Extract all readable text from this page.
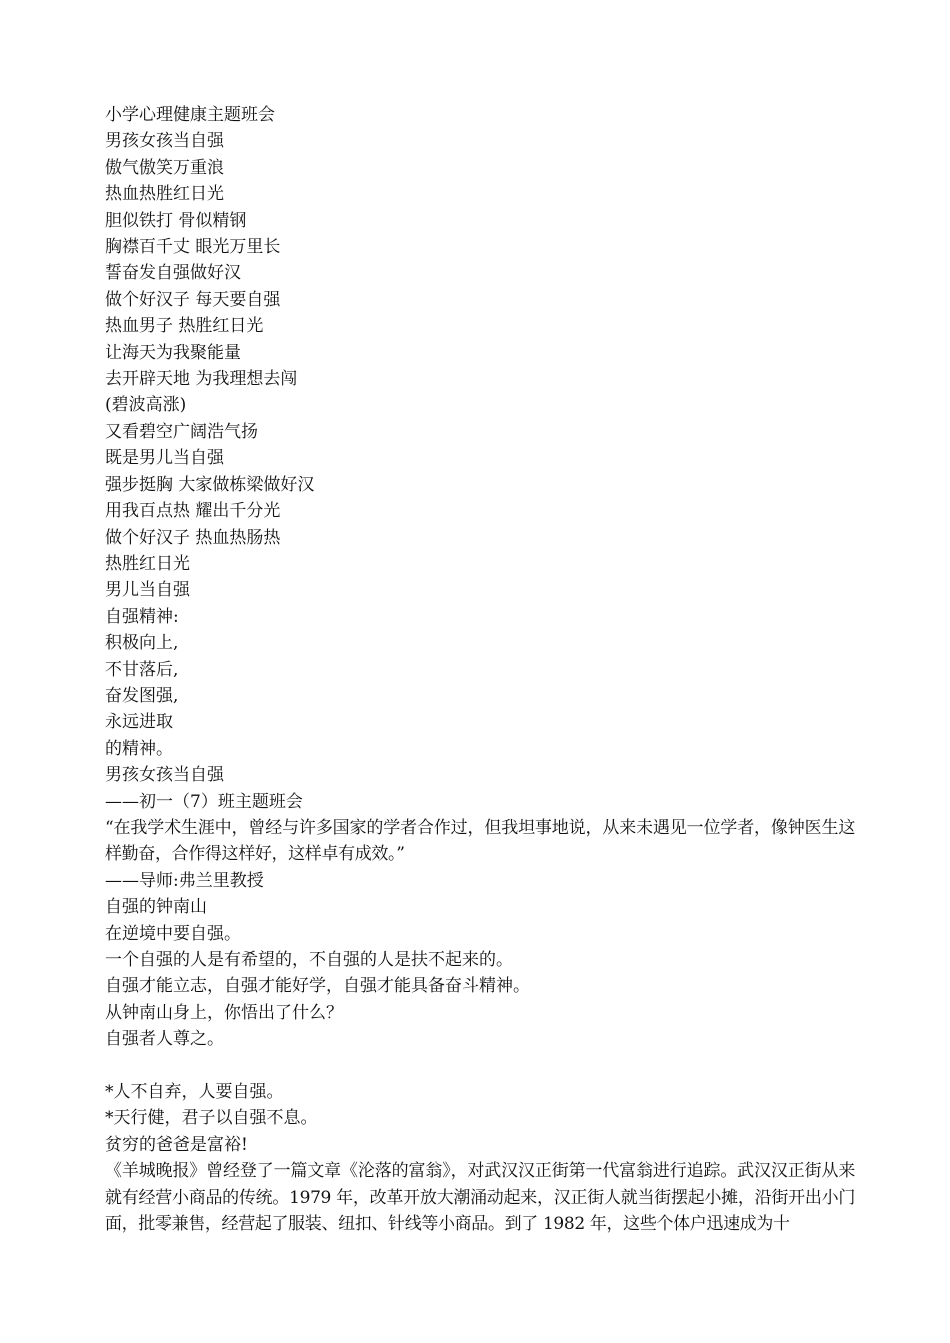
小学心理健康主题班会
男孩女孩当自强
傲气傲笑万重浪
热血热胜红日光
胆似铁打 骨似精钢
胸襟百千丈 眼光万里长
誓奋发自强做好汉
做个好汉子 每天要自强
热血男子 热胜红日光
让海天为我聚能量
去开辟天地 为我理想去闯
(碧波高涨)
又看碧空广阔浩气扬
既是男儿当自强
强步挺胸 大家做栋梁做好汉
用我百点热 耀出千分光
做个好汉子 热血热肠热
热胜红日光
男儿当自强
自强精神:
积极向上,
不甘落后,
奋发图强,
永远进取
的精神。
男孩女孩当自强
——初一（7）班主题班会
“在我学术生涯中，曾经与许多国家的学者合作过，但我坦事地说，从来未遇见一位学者，像钟医生这样勤奋，合作得这样好，这样卓有成效。”
——导师:弗兰里教授
自强的钟南山
在逆境中要自强。
一个自强的人是有希望的，不自强的人是扶不起来的。
自强才能立志，自强才能好学，自强才能具备奋斗精神。
从钟南山身上，你悟出了什么？
自强者人尊之。
*人不自弃，人要自强。
*天行健，君子以自强不息。
贫穷的爸爸是富裕!
《羊城晚报》曾经登了一篇文章《沦落的富翁》，对武汉汉正街第一代富翁进行追踪。武汉汉正街从来就有经营小商品的传统。1979 年，改革开放大潮涌动起来，汉正街人就当街摆起小摊，沿街开出小门面，批零兼售，经营起了服装、纽扣、针线等小商品。到了 1982 年，这些个体户迅速成为十
